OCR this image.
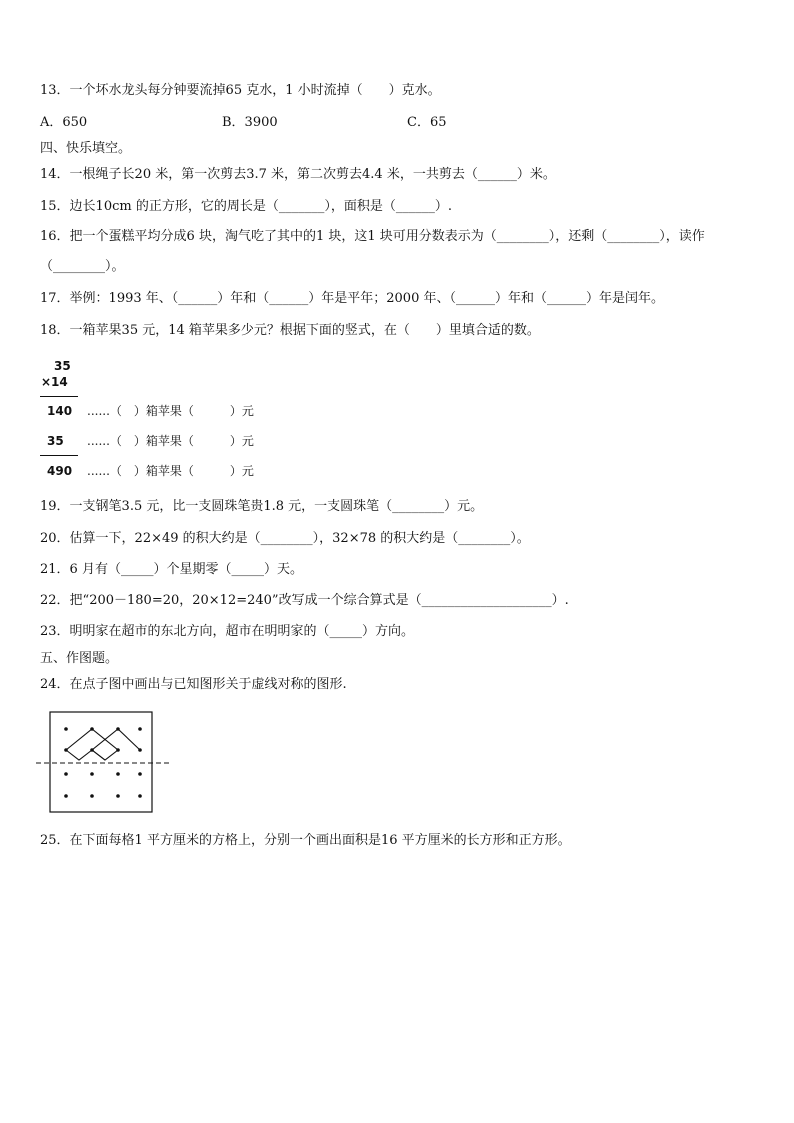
13．一个坏水龙头每分钟要流掉65 克水，1 小时流掉（　　）克水。
A．650	B．3900	C．65
四、快乐填空。
14．一根绳子长20 米，第一次剪去3.7 米，第二次剪去4.4 米，一共剪去（______）米。
15．边长10cm 的正方形，它的周长是（_______），面积是（______）.
16．把一个蛋糕平均分成6 块，淘气吃了其中的1 块，这1 块可用分数表示为（________），还剩（________），读作
（________）。
17．举例：1993 年、（______）年和（______）年是平年；2000 年、（______）年和（______）年是闰年。
18．一箱苹果35 元，14 箱苹果多少元？根据下面的竖式，在（　　）里填合适的数。
35
×14
140 ......（　）箱苹果（　　　）元
35 ......（　）箱苹果（　　　）元
490 ......（　）箱苹果（　　　）元
19．一支钢笔3.5 元，比一支圆珠笔贵1.8 元，一支圆珠笔（________）元。
20．估算一下，22×49 的积大约是（________），32×78 的积大约是（________）。
21．6 月有（_____）个星期零（_____）天。
22．把“200－180=20，20×12=240”改写成一个综合算式是（____________________）.
23．明明家在超市的东北方向，超市在明明家的（_____）方向。
五、作图题。
24．在点子图中画出与已知图形关于虚线对称的图形.
25．在下面每格1 平方厘米的方格上，分别一个画出面积是16 平方厘米的长方形和正方形。
